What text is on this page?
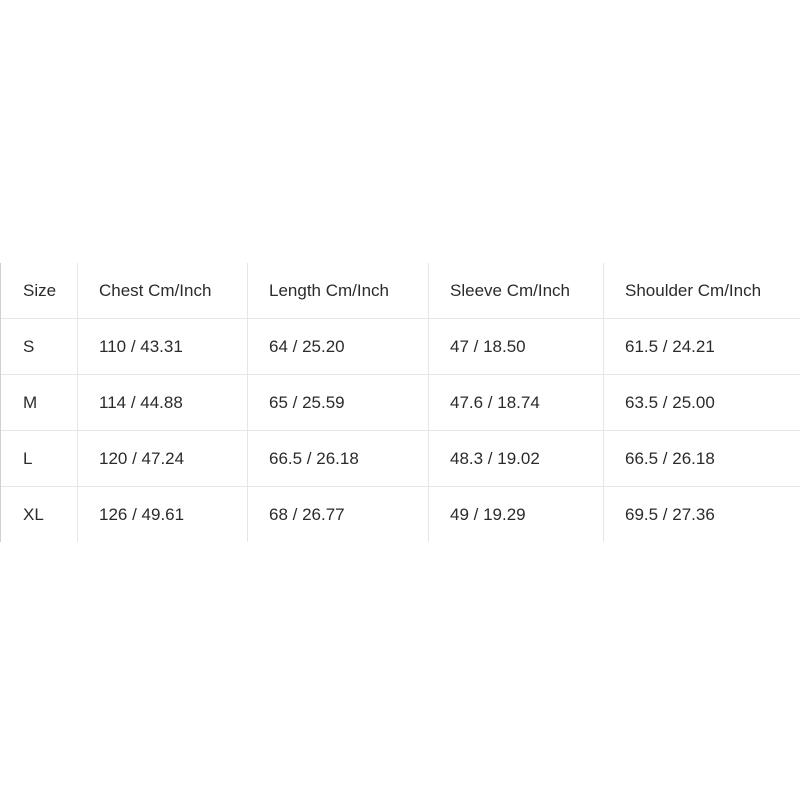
Size	Chest Cm/Inch	Length Cm/Inch	Sleeve Cm/Inch	Shoulder Cm/Inch
S	110 / 43.31	64 / 25.20	47 / 18.50	61.5 / 24.21
M	114 / 44.88	65 / 25.59	47.6 / 18.74	63.5 / 25.00
L	120 / 47.24	66.5 / 26.18	48.3 / 19.02	66.5 / 26.18
XL	126 / 49.61	68 / 26.77	49 / 19.29	69.5 / 27.36
